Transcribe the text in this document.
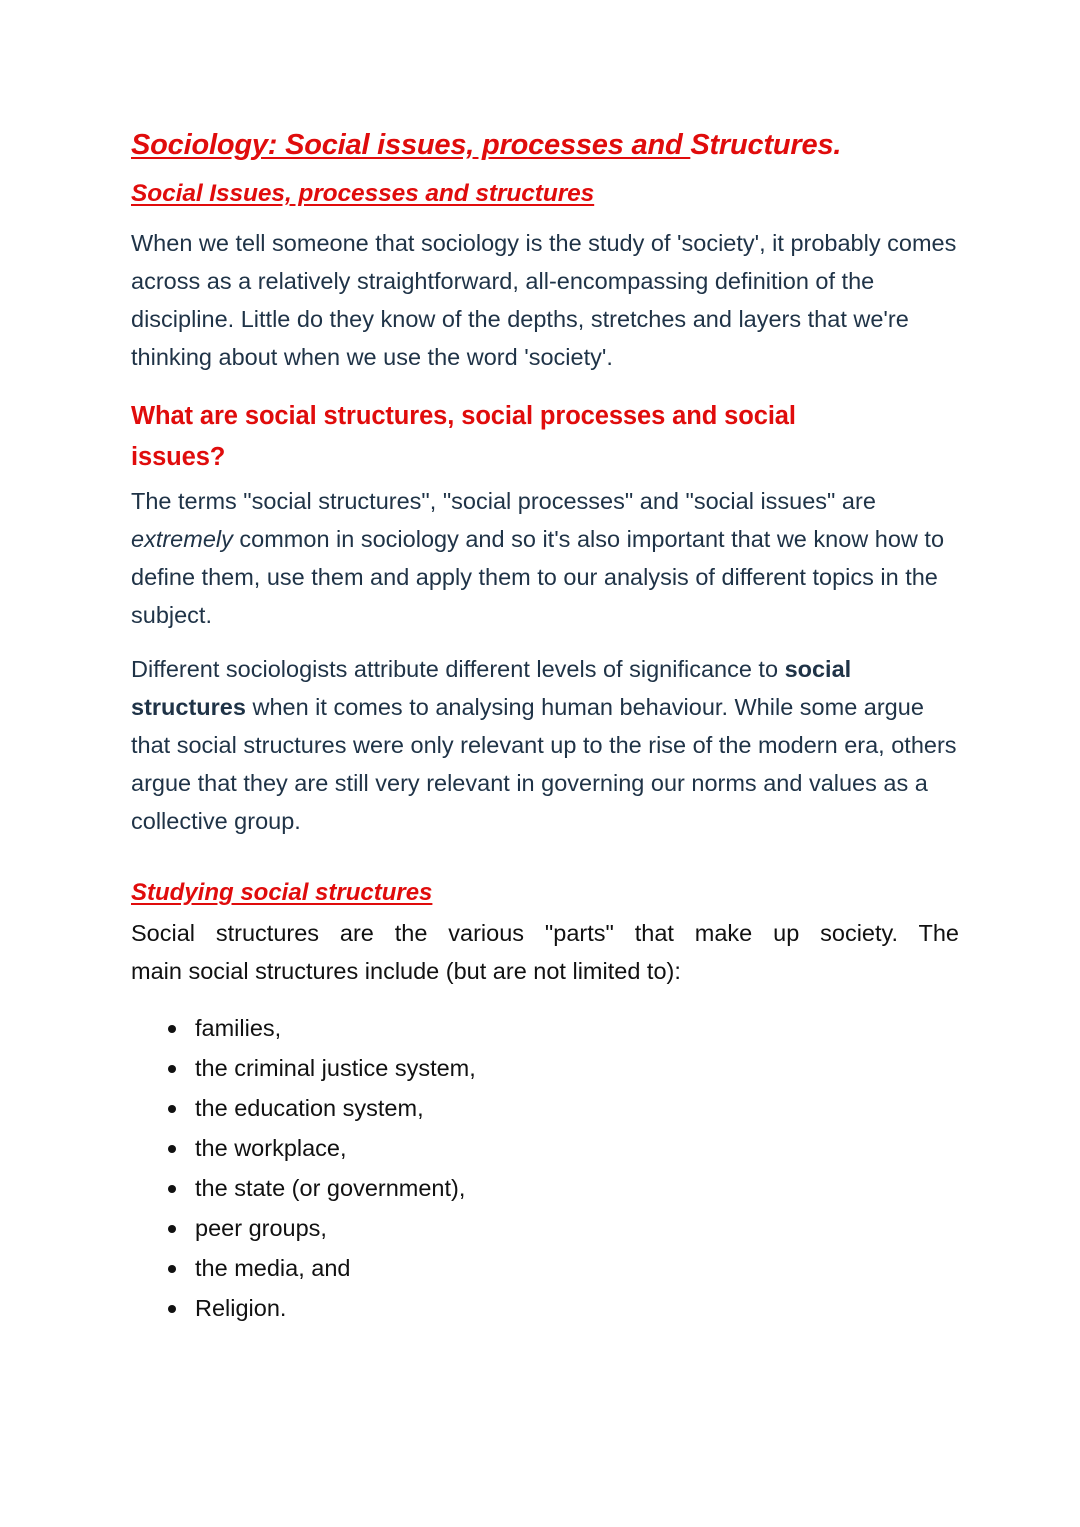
Sociology: Social issues, processes and Structures.
Social Issues, processes and structures

When we tell someone that sociology is the study of 'society', it probably comes across as a relatively straightforward, all-encompassing definition of the discipline. Little do they know of the depths, stretches and layers that we're thinking about when we use the word 'society'.

What are social structures, social processes and social issues?

The terms "social structures", "social processes" and "social issues" are extremely common in sociology and so it's also important that we know how to define them, use them and apply them to our analysis of different topics in the subject.

Different sociologists attribute different levels of significance to social structures when it comes to analysing human behaviour. While some argue that social structures were only relevant up to the rise of the modern era, others argue that they are still very relevant in governing our norms and values as a collective group.

Studying social structures

Social structures are the various "parts" that make up society. The
main social structures include (but are not limited to):

families,
the criminal justice system,
the education system,
the workplace,
the state (or government),
peer groups,
the media, and
Religion.
